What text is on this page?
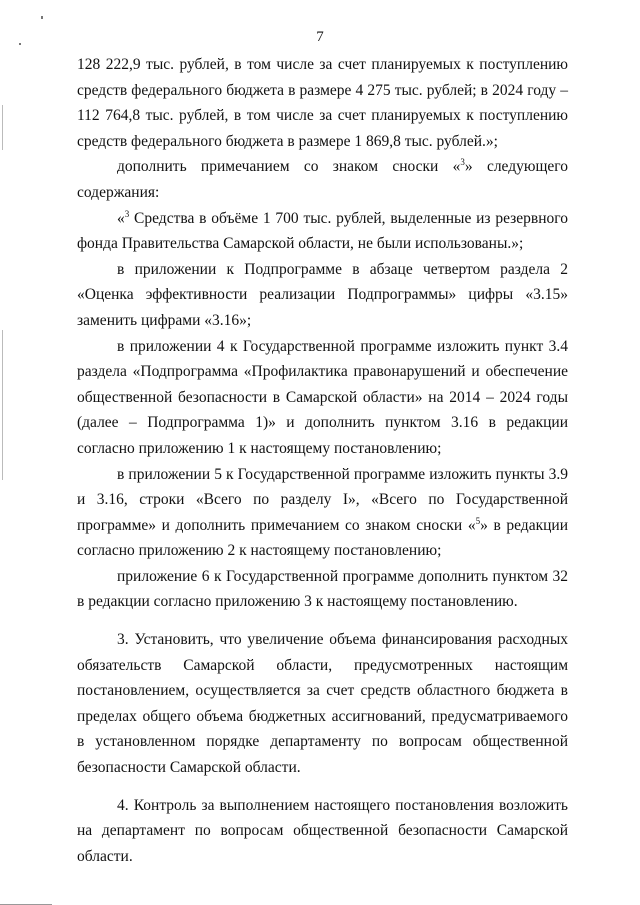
7

128 222,9 тыс. рублей, в том числе за счет планируемых к поступлению средств федерального бюджета в размере 4 275 тыс. рублей; в 2024 году – 112 764,8 тыс. рублей, в том числе за счет планируемых к поступлению средств федерального бюджета в размере 1 869,8 тыс. рублей.»;

дополнить примечанием со знаком сноски «$^3$» следующего содержания:

«$^3$ Средства в объёме 1 700 тыс. рублей, выделенные из резервного фонда Правительства Самарской области, не были использованы.»;

в приложении к Подпрограмме в абзаце четвертом раздела 2 «Оценка эффективности реализации Подпрограммы» цифры «3.15» заменить цифрами «3.16»;

в приложении 4 к Государственной программе изложить пункт 3.4 раздела «Подпрограмма «Профилактика правонарушений и обеспечение общественной безопасности в Самарской области» на 2014 – 2024 годы (далее – Подпрограмма 1)» и дополнить пунктом 3.16 в редакции согласно приложению 1 к настоящему постановлению;

в приложении 5 к Государственной программе изложить пункты 3.9 и 3.16, строки «Всего по разделу I», «Всего по Государственной программе» и дополнить примечанием со знаком сноски «$^5$» в редакции согласно приложению 2 к настоящему постановлению;

приложение 6 к Государственной программе дополнить пунктом 32 в редакции согласно приложению 3 к настоящему постановлению.

3. Установить, что увеличение объема финансирования расходных обязательств Самарской области, предусмотренных настоящим постановлением, осуществляется за счет средств областного бюджета в пределах общего объема бюджетных ассигнований, предусматриваемого в установленном порядке департаменту по вопросам общественной безопасности Самарской области.

4. Контроль за выполнением настоящего постановления возложить на департамент по вопросам общественной безопасности Самарской области.
